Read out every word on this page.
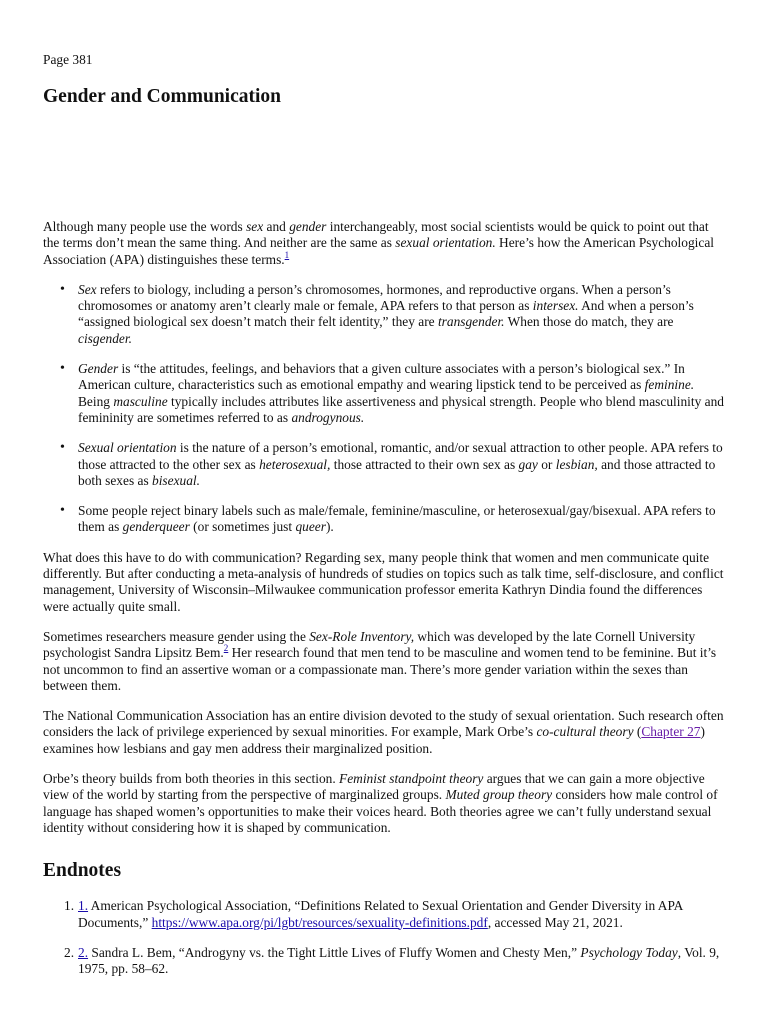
Page 381
Gender and Communication

Although many people use the words sex and gender interchangeably, most social scientists would be quick to point out that the terms don’t mean the same thing. And neither are the same as sexual orientation. Here’s how the American Psychological Association (APA) distinguishes these terms.$^1$

• Sex refers to biology, including a person’s chromosomes, hormones, and reproductive organs. When a person’s chromosomes or anatomy aren’t clearly male or female, APA refers to that person as intersex. And when a person’s “assigned biological sex doesn’t match their felt identity,” they are transgender. When those do match, they are cisgender.
• Gender is “the attitudes, feelings, and behaviors that a given culture associates with a person’s biological sex.” In American culture, characteristics such as emotional empathy and wearing lipstick tend to be perceived as feminine. Being masculine typically includes attributes like assertiveness and physical strength. People who blend masculinity and femininity are sometimes referred to as androgynous.
• Sexual orientation is the nature of a person’s emotional, romantic, and/or sexual attraction to other people. APA refers to those attracted to the other sex as heterosexual, those attracted to their own sex as gay or lesbian, and those attracted to both sexes as bisexual.
• Some people reject binary labels such as male/female, feminine/masculine, or heterosexual/gay/bisexual. APA refers to them as genderqueer (or sometimes just queer).

What does this have to do with communication? Regarding sex, many people think that women and men communicate quite differently. But after conducting a meta-analysis of hundreds of studies on topics such as talk time, self-disclosure, and conflict management, University of Wisconsin–Milwaukee communication professor emerita Kathryn Dindia found the differences were actually quite small.

Sometimes researchers measure gender using the Sex-Role Inventory, which was developed by the late Cornell University psychologist Sandra Lipsitz Bem.$^2$ Her research found that men tend to be masculine and women tend to be feminine. But it’s not uncommon to find an assertive woman or a compassionate man. There’s more gender variation within the sexes than between them.

The National Communication Association has an entire division devoted to the study of sexual orientation. Such research often considers the lack of privilege experienced by sexual minorities. For example, Mark Orbe’s co-cultural theory (Chapter 27) examines how lesbians and gay men address their marginalized position.

Orbe’s theory builds from both theories in this section. Feminist standpoint theory argues that we can gain a more objective view of the world by starting from the perspective of marginalized groups. Muted group theory considers how male control of language has shaped women’s opportunities to make their voices heard. Both theories agree we can’t fully understand sexual identity without considering how it is shaped by communication.

Endnotes
1. 1. American Psychological Association, “Definitions Related to Sexual Orientation and Gender Diversity in APA Documents,” https://www.apa.org/pi/lgbt/resources/sexuality-definitions.pdf, accessed May 21, 2021.
2. 2. Sandra L. Bem, “Androgyny vs. the Tight Little Lives of Fluffy Women and Chesty Men,” Psychology Today, Vol. 9, 1975, pp. 58–62.
